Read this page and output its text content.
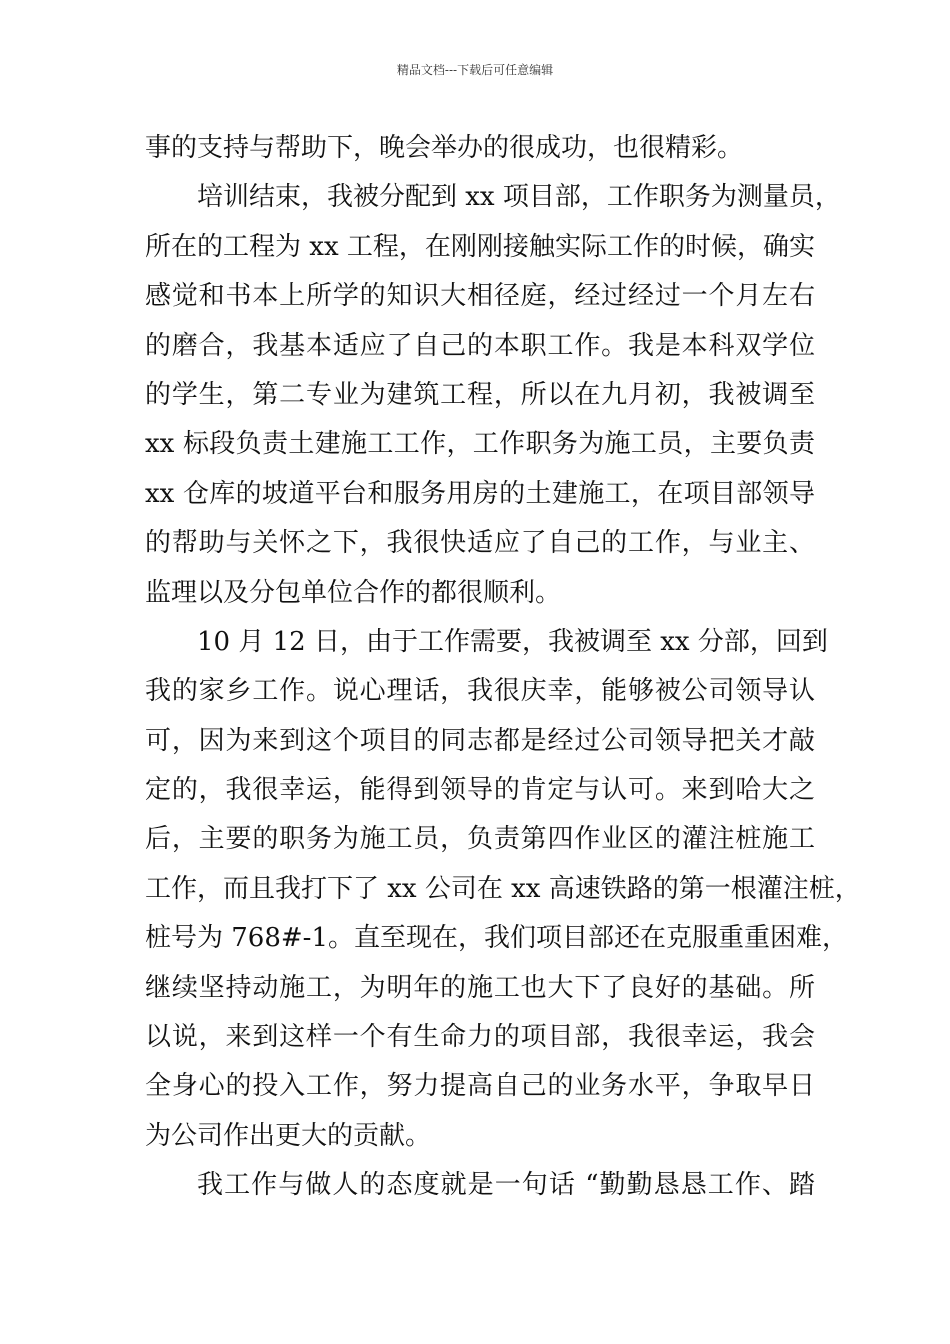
精品文档---下载后可任意编辑
事的支持与帮助下，晚会举办的很成功，也很精彩。
培训结束，我被分配到 xx 项目部，工作职务为测量员，
所在的工程为 xx 工程，在刚刚接触实际工作的时候，确实
感觉和书本上所学的知识大相径庭，经过经过一个月左右
的磨合，我基本适应了自己的本职工作。我是本科双学位
的学生，第二专业为建筑工程，所以在九月初，我被调至
xx 标段负责土建施工工作，工作职务为施工员，主要负责
xx 仓库的坡道平台和服务用房的土建施工，在项目部领导
的帮助与关怀之下，我很快适应了自己的工作，与业主、
监理以及分包单位合作的都很顺利。
10 月 12 日，由于工作需要，我被调至 xx 分部，回到
我的家乡工作。说心理话，我很庆幸，能够被公司领导认
可，因为来到这个项目的同志都是经过公司领导把关才敲
定的，我很幸运，能得到领导的肯定与认可。来到哈大之
后，主要的职务为施工员，负责第四作业区的灌注桩施工
工作，而且我打下了 xx 公司在 xx 高速铁路的第一根灌注桩，
桩号为 768#-1。直至现在，我们项目部还在克服重重困难，
继续坚持动施工，为明年的施工也大下了良好的基础。所
以说，来到这样一个有生命力的项目部，我很幸运，我会
全身心的投入工作，努力提高自己的业务水平，争取早日
为公司作出更大的贡献。
我工作与做人的态度就是一句话 “勤勤恳恳工作、踏
